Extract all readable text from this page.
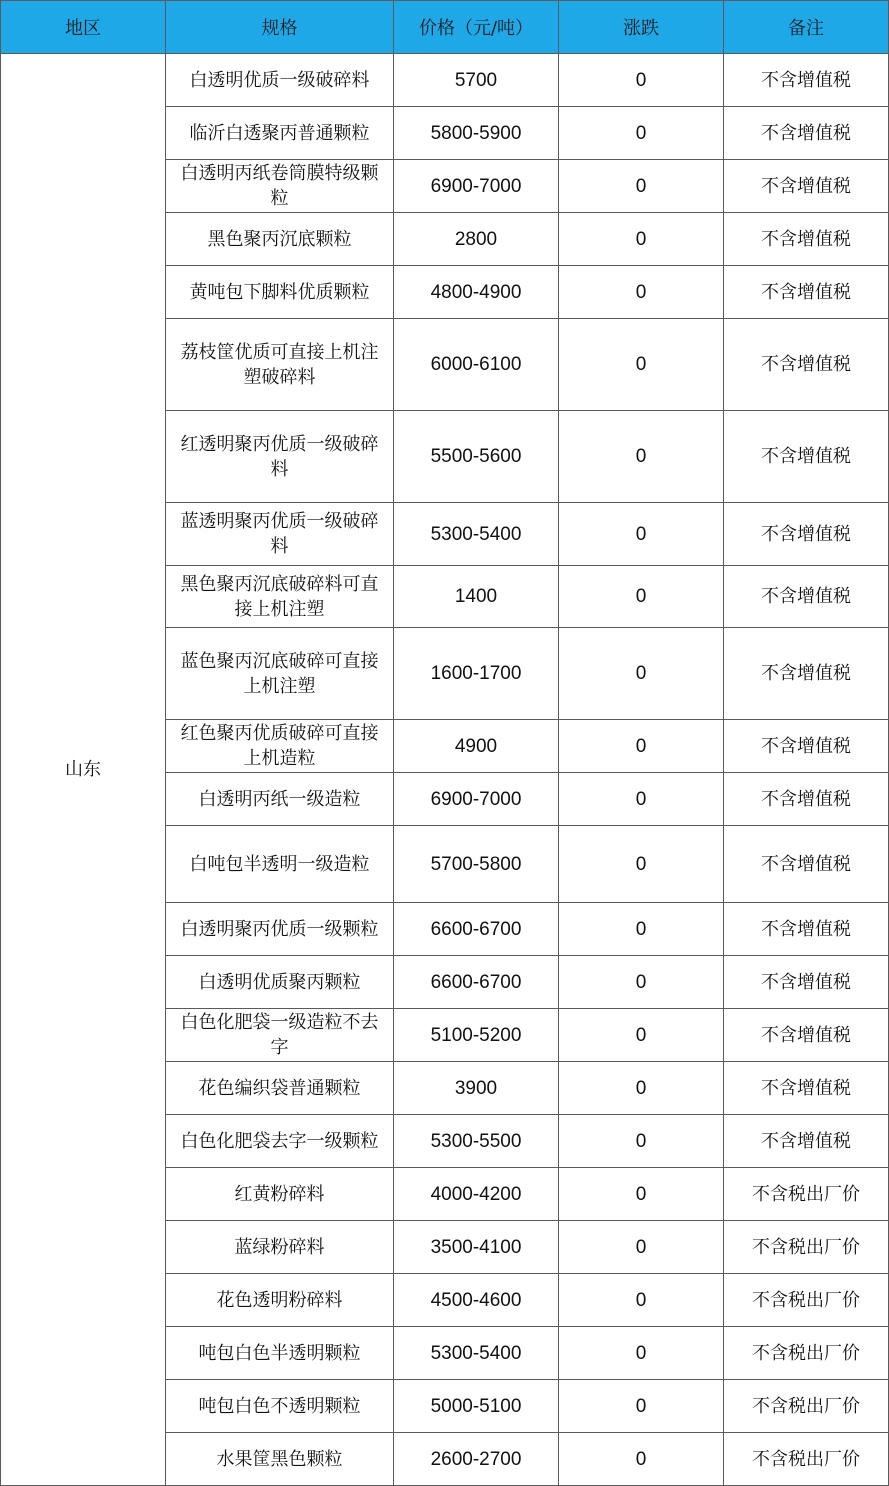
地区	规格	价格（元/吨）	涨跌	备注
山东	白透明优质一级破碎料	5700	0	不含增值税
	临沂白透聚丙普通颗粒	5800-5900	0	不含增值税
	白透明丙纸卷筒膜特级颗粒	6900-7000	0	不含增值税
	黑色聚丙沉底颗粒	2800	0	不含增值税
	黄吨包下脚料优质颗粒	4800-4900	0	不含增值税
	荔枝筐优质可直接上机注塑破碎料	6000-6100	0	不含增值税
	红透明聚丙优质一级破碎料	5500-5600	0	不含增值税
	蓝透明聚丙优质一级破碎料	5300-5400	0	不含增值税
	黑色聚丙沉底破碎料可直接上机注塑	1400	0	不含增值税
	蓝色聚丙沉底破碎可直接上机注塑	1600-1700	0	不含增值税
	红色聚丙优质破碎可直接上机造粒	4900	0	不含增值税
	白透明丙纸一级造粒	6900-7000	0	不含增值税
	白吨包半透明一级造粒	5700-5800	0	不含增值税
	白透明聚丙优质一级颗粒	6600-6700	0	不含增值税
	白透明优质聚丙颗粒	6600-6700	0	不含增值税
	白色化肥袋一级造粒不去字	5100-5200	0	不含增值税
	花色编织袋普通颗粒	3900	0	不含增值税
	白色化肥袋去字一级颗粒	5300-5500	0	不含增值税
	红黄粉碎料	4000-4200	0	不含税出厂价
	蓝绿粉碎料	3500-4100	0	不含税出厂价
	花色透明粉碎料	4500-4600	0	不含税出厂价
	吨包白色半透明颗粒	5300-5400	0	不含税出厂价
	吨包白色不透明颗粒	5000-5100	0	不含税出厂价
	水果筐黑色颗粒	2600-2700	0	不含税出厂价
